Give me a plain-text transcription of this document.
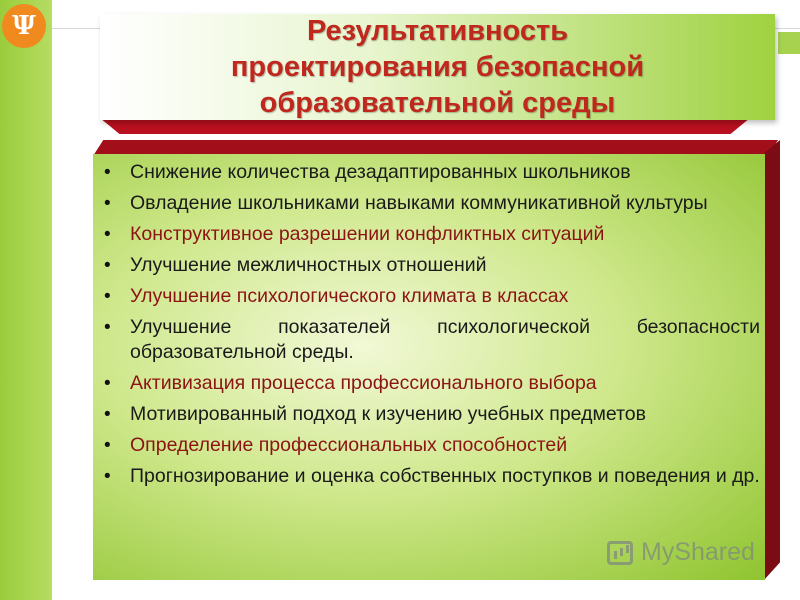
Ψ	Результативность
проектирования безопасной
образовательной среды
• Снижение количества дезадаптированных школьников
• Овладение школьниками навыками коммуникативной культуры
• Конструктивное разрешении конфликтных ситуаций
• Улучшение межличностных отношений
• Улучшение психологического климата в классах
• Улучшение показателей психологической безопасности образовательной среды.
• Активизация процесса профессионального выбора
• Мотивированный подход к изучению учебных предметов
• Определение профессиональных способностей
• Прогнозирование и оценка собственных поступков и поведения и др.
MyShared
